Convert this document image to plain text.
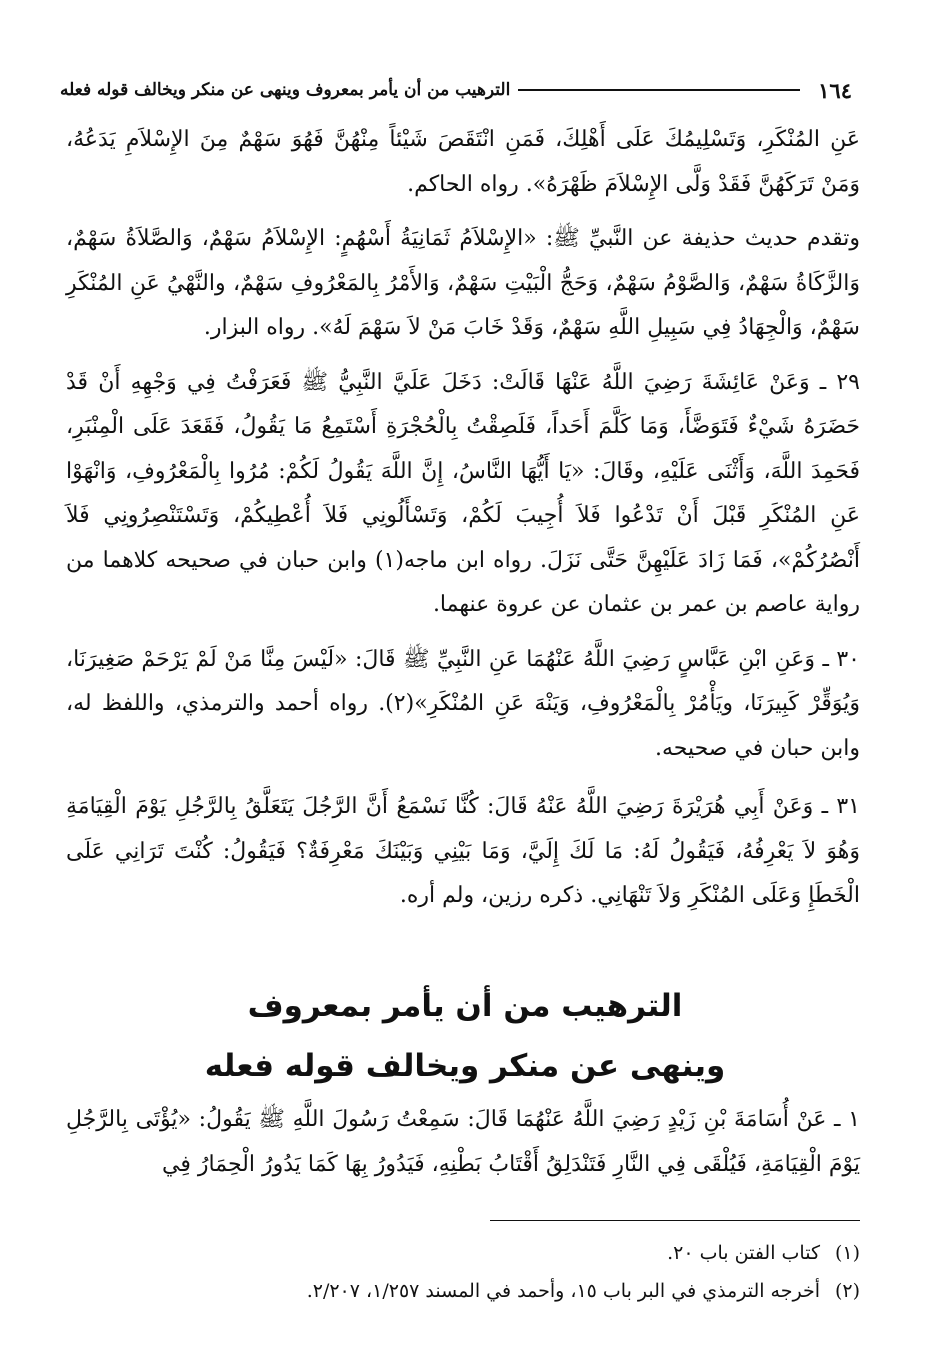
١٦٤
الترهيب من أن يأمر بمعروف وينهى عن منكر ويخالف قوله فعله

عَنِ المُنْكَرِ، وَتَسْلِيمُكَ عَلَى أَهْلِكَ، فَمَنِ انْتَقَصَ شَيْئاً مِنْهُنَّ فَهُوَ سَهْمٌ مِنَ الإِسْلاَمِ يَدَعُهُ، وَمَنْ تَرَكَهُنَّ فَقَدْ وَلَّى الإِسْلاَمَ ظَهْرَهُ». رواه الحاكم.

وتقدم حديث حذيفة عن النَّبيِّ ﷺ: «الإِسْلاَمُ ثَمَانِيَةُ أَسْهُمٍ: الإِسْلاَمُ سَهْمٌ، وَالصَّلاَةُ سَهْمٌ، وَالزَّكَاةُ سَهْمٌ، وَالصَّوْمُ سَهْمٌ، وَحَجُّ الْبَيْتِ سَهْمٌ، وَالأَمْرُ بِالمَعْرُوفِ سَهْمٌ، والنَّهْيُ عَنِ المُنْكَرِ سَهْمٌ، وَالْجِهَادُ فِي سَبِيلِ اللَّهِ سَهْمٌ، وَقَدْ خَابَ مَنْ لاَ سَهْمَ لَهُ». رواه البزار.

٢٩ ـ وَعَنْ عَائِشَةَ رَضِيَ اللَّهُ عَنْهَا قَالَتْ: دَخَلَ عَلَيَّ النَّبِيُّ ﷺ فَعَرَفْتُ فِي وَجْهِهِ أَنْ قَدْ حَضَرَهُ شَيْءٌ فَتَوَضَّأَ، وَمَا كَلَّمَ أَحَداً، فَلَصِقْتُ بِالْحُجْرَةِ أَسْتَمِعُ مَا يَقُولُ، فَقَعَدَ عَلَى الْمِنْبَرِ، فَحَمِدَ اللَّهَ، وَأَثْنَى عَلَيْهِ، وقَالَ: «يَا أَيُّهَا النَّاسُ، إِنَّ اللَّهَ يَقُولُ لَكُمْ: مُرُوا بِالْمَعْرُوفِ، وَانْهَوْا عَنِ المُنْكَرِ قَبْلَ أَنْ تَدْعُوا فَلاَ أُجِيبَ لَكُمْ، وَتَسْأَلُونِي فَلاَ أُعْطِيكُمْ، وَتَسْتَنْصِرُونِي فَلاَ أَنْصُرُكُمْ»، فَمَا زَادَ عَلَيْهِنَّ حَتَّى نَزَلَ. رواه ابن ماجه(١) وابن حبان في صحيحه كلاهما من رواية عاصم بن عمر بن عثمان عن عروة عنهما.

٣٠ ـ وَعَنِ ابْنِ عَبَّاسٍ رَضِيَ اللَّهُ عَنْهُمَا عَنِ النَّبِيِّ ﷺ قَالَ: «لَيْسَ مِنَّا مَنْ لَمْ يَرْحَمْ صَغِيرَنَا، وَيُوَقِّرْ كَبِيرَنَا، ويَأْمُرْ بِالْمَعْرُوفِ، وَيَنْهَ عَنِ المُنْكَرِ»(٢). رواه أحمد والترمذي، واللفظ له، وابن حبان في صحيحه.

٣١ ـ وَعَنْ أَبِي هُرَيْرَةَ رَضِيَ اللَّهُ عَنْهُ قَالَ: كُنَّا نَسْمَعُ أَنَّ الرَّجُلَ يَتَعَلَّقُ بِالرَّجُلِ يَوْمَ الْقِيَامَةِ وَهُوَ لاَ يَعْرِفُهُ، فَيَقُولُ لَهُ: مَا لَكَ إِلَيَّ، وَمَا بَيْنِي وَبَيْنَكَ مَعْرِفَةٌ؟ فَيَقُولُ: كُنْتَ تَرَانِي عَلَى الْخَطَإِ وَعَلَى المُنْكَرِ وَلاَ تَنْهَانِي. ذكره رزين، ولم أره.

الترهيب من أن يأمر بمعروف
وينهى عن منكر ويخالف قوله فعله

١ ـ عَنْ أُسَامَةَ بْنِ زَيْدٍ رَضِيَ اللَّهُ عَنْهُمَا قَالَ: سَمِعْتُ رَسُولَ اللَّهِ ﷺ يَقُولُ: «يُؤْتَى بِالرَّجُلِ يَوْمَ الْقِيَامَةِ، فَيُلْقَى فِي النَّارِ فَتَنْدَلِقُ أَقْتَابُ بَطْنِهِ، فَيَدُورُ بِهَا كَمَا يَدُورُ الْحِمَارُ فِي

(١)
كتاب الفتن باب ٢٠.
(٢)
أخرجه الترمذي في البر باب ١٥، وأحمد في المسند ١/٢٥٧، ٢/٢٠٧.
